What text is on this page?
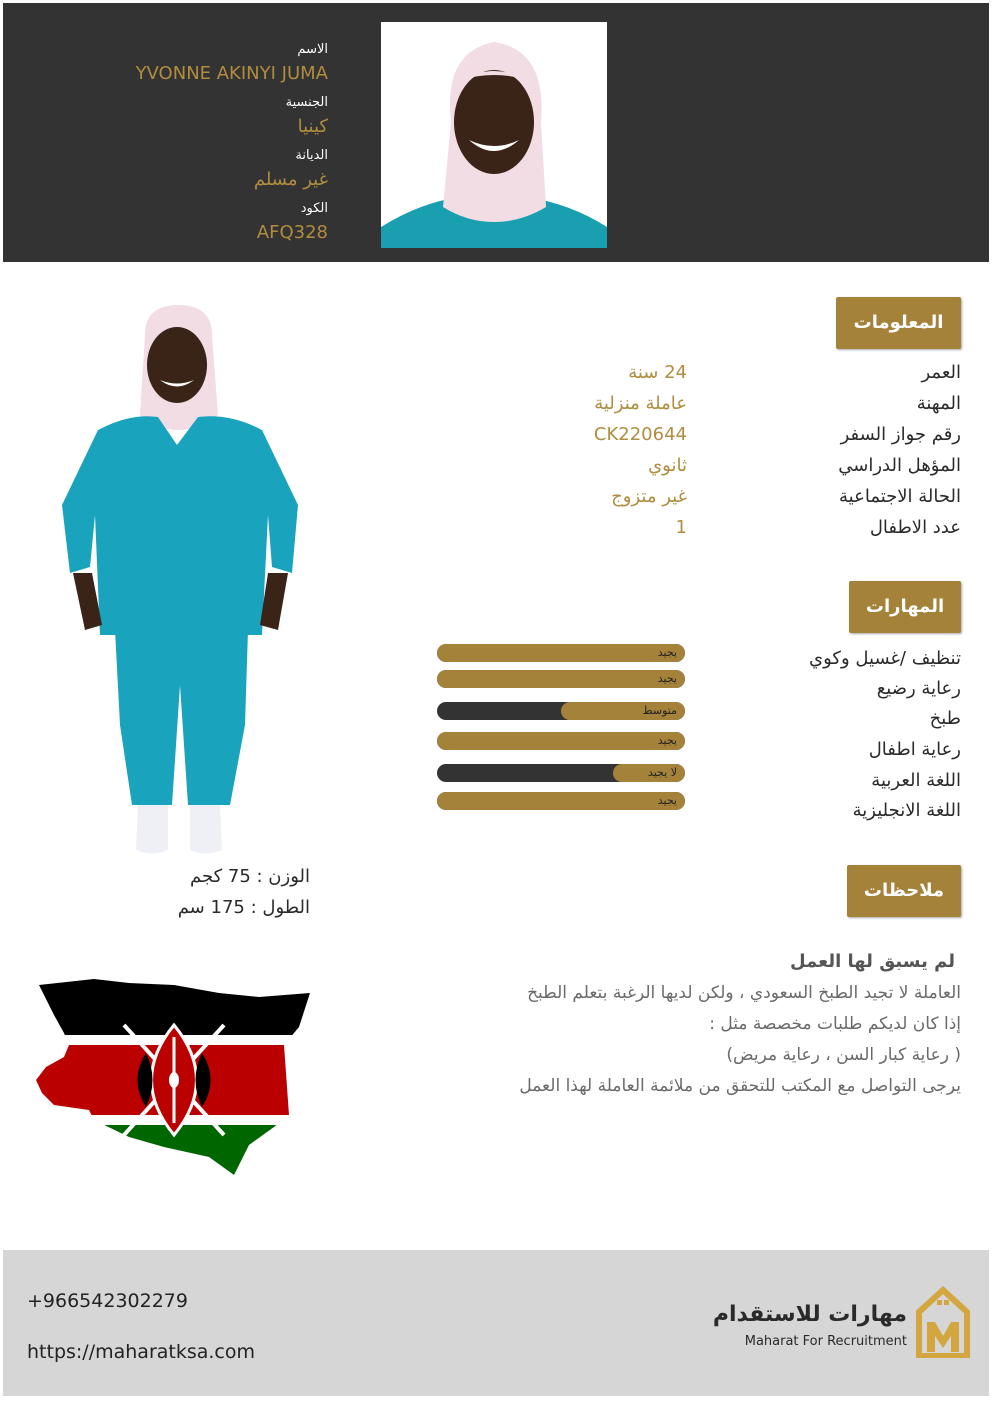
الاسم
YVONNE AKINYI JUMA
الجنسية
كينيا
الديانة
غير مسلم
الكود
AFQ328
المعلومات
العمر
24 سنة
المهنة
عاملة منزلية
رقم جواز السفر
CK220644
المؤهل الدراسي
ثانوي
الحالة الاجتماعية
غير متزوج
عدد الاطفال
1
المهارات
تنظيف /غسيل وكوي
رعاية رضيع
طبخ
رعاية اطفال
اللغة العربية
اللغة الانجليزية
يجيد
يجيد
متوسط
يجيد
لا يجيد
يجيد
ملاحظات
لم يسبق لها العمل
العاملة لا تجيد الطبخ السعودي ، ولكن لديها الرغبة بتعلم الطبخ
إذا كان لديكم طلبات مخصصة مثل :
( رعاية كبار السن ، رعاية مريض)
يرجى التواصل مع المكتب للتحقق من ملائمة العاملة لهذا العمل
الوزن : 75 كجم
الطول : 175 سم
+966542302279
https://maharatksa.com
مهارات للاستقدام
Maharat For Recruitment
